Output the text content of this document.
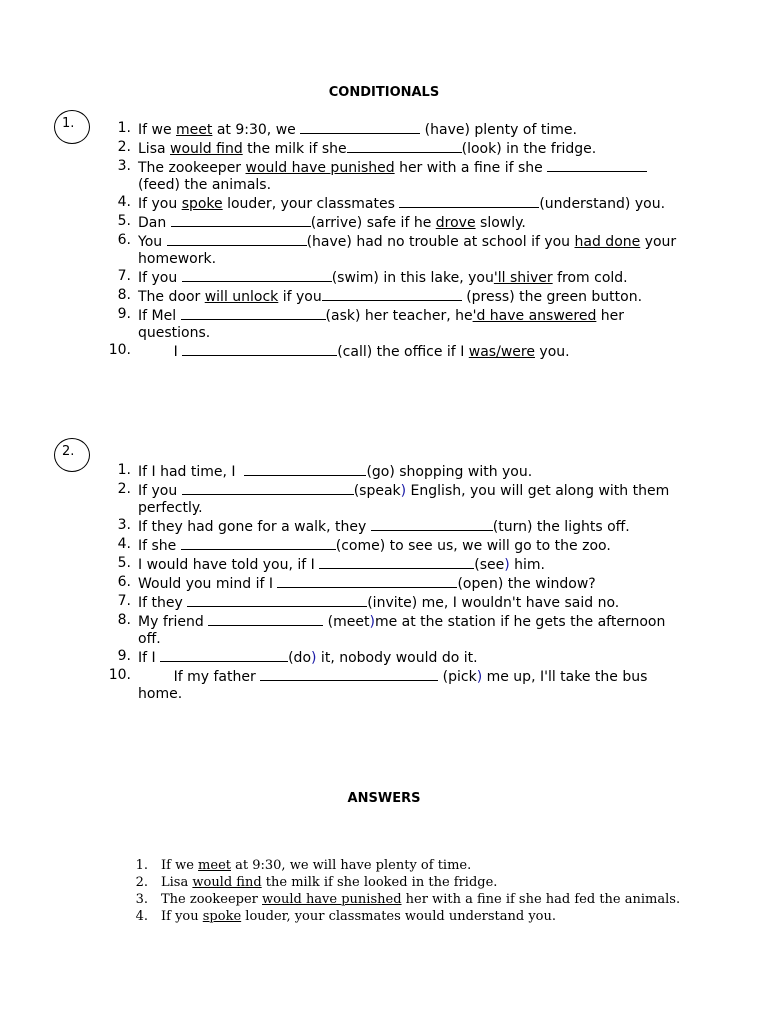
CONDITIONALS
1.	1. If we meet at 9:30, we	(have) plenty of time.
2. Lisa would find the milk if she	(look) in the fridge.
3. The zookeeper would have punished her with a fine if she (feed) the animals.
4. If you spoke louder, your classmates	(understand) you.
5. Dan	(arrive) safe if he drove slowly.
6. You	(have) had no trouble at school if you had done your homework.
7. If you	(swim) in this lake, you'll shiver from cold.
8. The door will unlock if you	(press) the green button.
9. If Mel	(ask) her teacher, he'd have answered her questions.
10. I	(call) the office if I was/were you.
2.
1. If I had time, I	(go) shopping with you.
2. If you	(speak) English, you will get along with them perfectly.
3. If they had gone for a walk, they	(turn) the lights off.
4. If she	(come) to see us, we will go to the zoo.
5. I would have told you, if I	(see) him.
6. Would you mind if I	(open) the window?
7. If they	(invite) me, I wouldn't have said no.
8. My friend	(meet)me at the station if he gets the afternoon off.
9. If I	(do) it, nobody would do it.
10. If my father	(pick) me up, I'll take the bus home.
ANSWERS
1. If we meet at 9:30, we will have plenty of time.
2. Lisa would find the milk if she looked in the fridge.
3. The zookeeper would have punished her with a fine if she had fed the animals.
4. If you spoke louder, your classmates would understand you.
